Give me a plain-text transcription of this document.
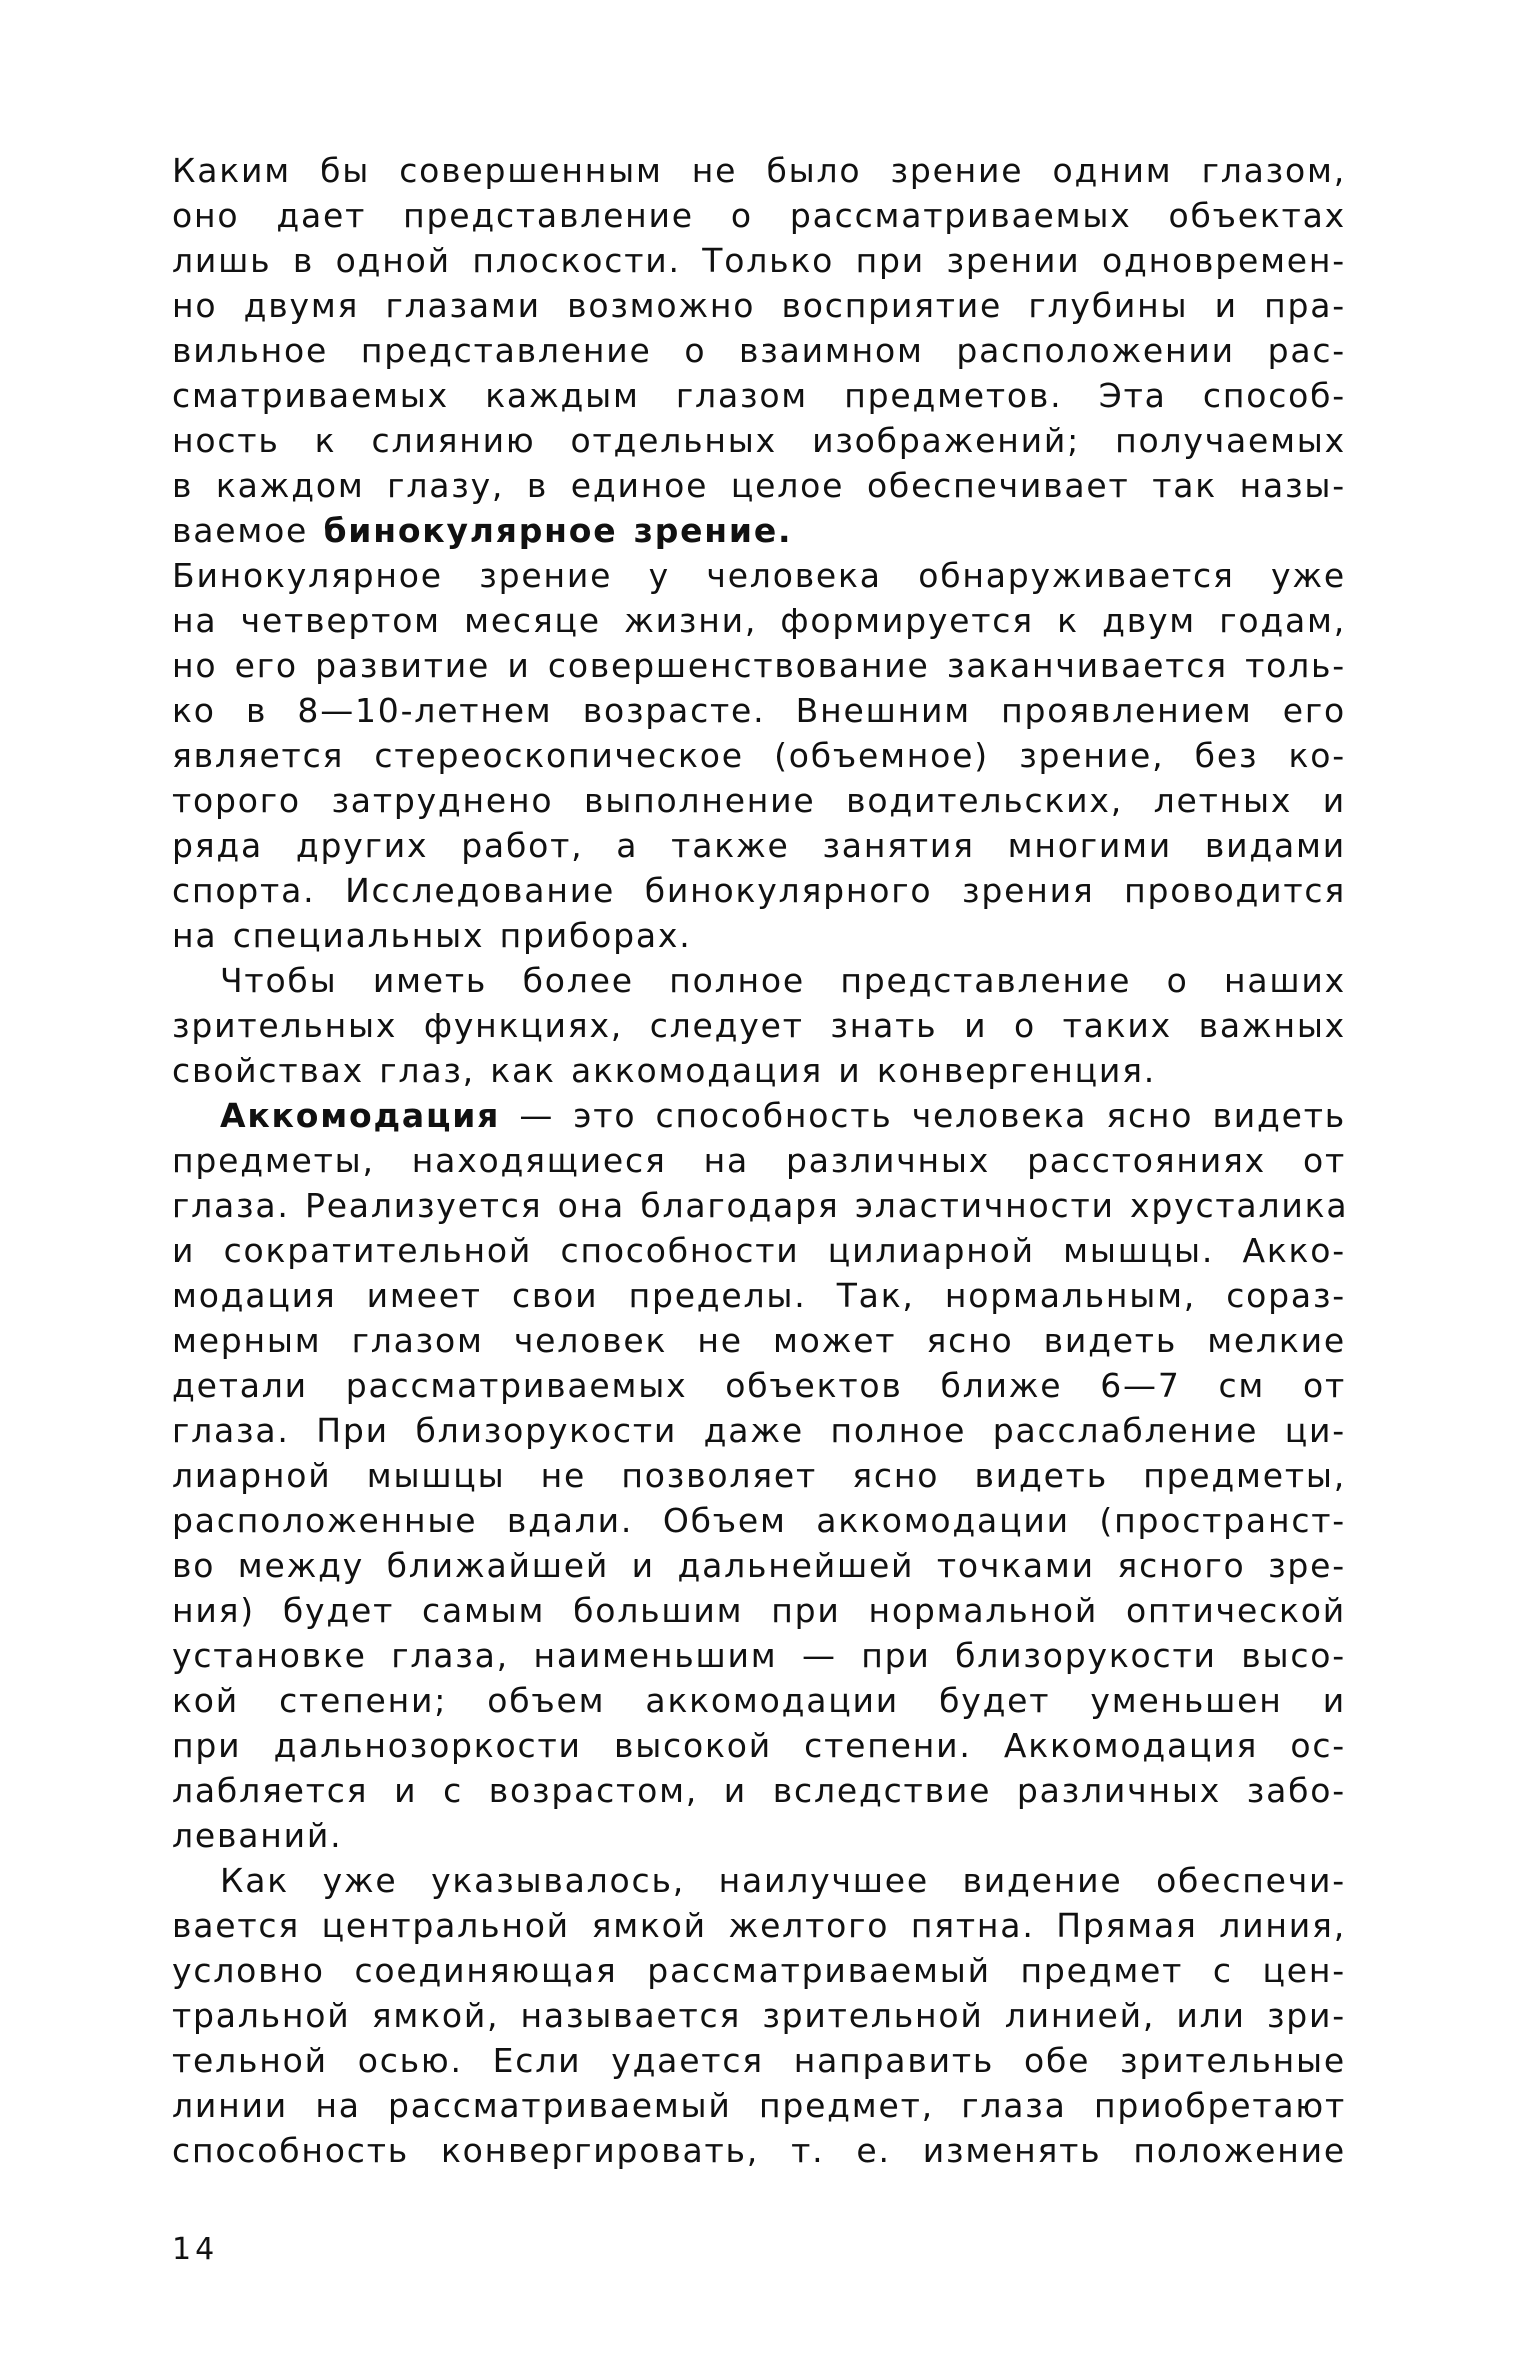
Каким бы совершенным не было зрение одним глазом,
оно дает представление о рассматриваемых объектах
лишь в одной плоскости. Только при зрении одновремен-
но двумя глазами возможно восприятие глубины и пра-
вильное представление о взаимном расположении рас-
сматриваемых каждым глазом предметов. Эта способ-
ность к слиянию отдельных изображений; получаемых
в каждом глазу, в единое целое обеспечивает так назы-
ваемое бинокулярное зрение.
Бинокулярное зрение у человека обнаруживается уже
на четвертом месяце жизни, формируется к двум годам,
но его развитие и совершенствование заканчивается толь-
ко в 8—10-летнем возрасте. Внешним проявлением его
является стереоскопическое (объемное) зрение, без ко-
торого затруднено выполнение водительских, летных и
ряда других работ, а также занятия многими видами
спорта. Исследование бинокулярного зрения проводится
на специальных приборах.
Чтобы иметь более полное представление о наших
зрительных функциях, следует знать и о таких важных
свойствах глаз, как аккомодация и конвергенция.
Аккомодация — это способность человека ясно видеть
предметы, находящиеся на различных расстояниях от
глаза. Реализуется она благодаря эластичности хрусталика
и сократительной способности цилиарной мышцы. Акко-
модация имеет свои пределы. Так, нормальным, сораз-
мерным глазом человек не может ясно видеть мелкие
детали рассматриваемых объектов ближе 6—7 см от
глаза. При близорукости даже полное расслабление ци-
лиарной мышцы не позволяет ясно видеть предметы,
расположенные вдали. Объем аккомодации (пространст-
во между ближайшей и дальнейшей точками ясного зре-
ния) будет самым большим при нормальной оптической
установке глаза, наименьшим — при близорукости высо-
кой степени; объем аккомодации будет уменьшен и
при дальнозоркости высокой степени. Аккомодация ос-
лабляется и с возрастом, и вследствие различных забо-
леваний.
Как уже указывалось, наилучшее видение обеспечи-
вается центральной ямкой желтого пятна. Прямая линия,
условно соединяющая рассматриваемый предмет с цен-
тральной ямкой, называется зрительной линией, или зри-
тельной осью. Если удается направить обе зрительные
линии на рассматриваемый предмет, глаза приобретают
способность конвергировать, т. е. изменять положение
14
